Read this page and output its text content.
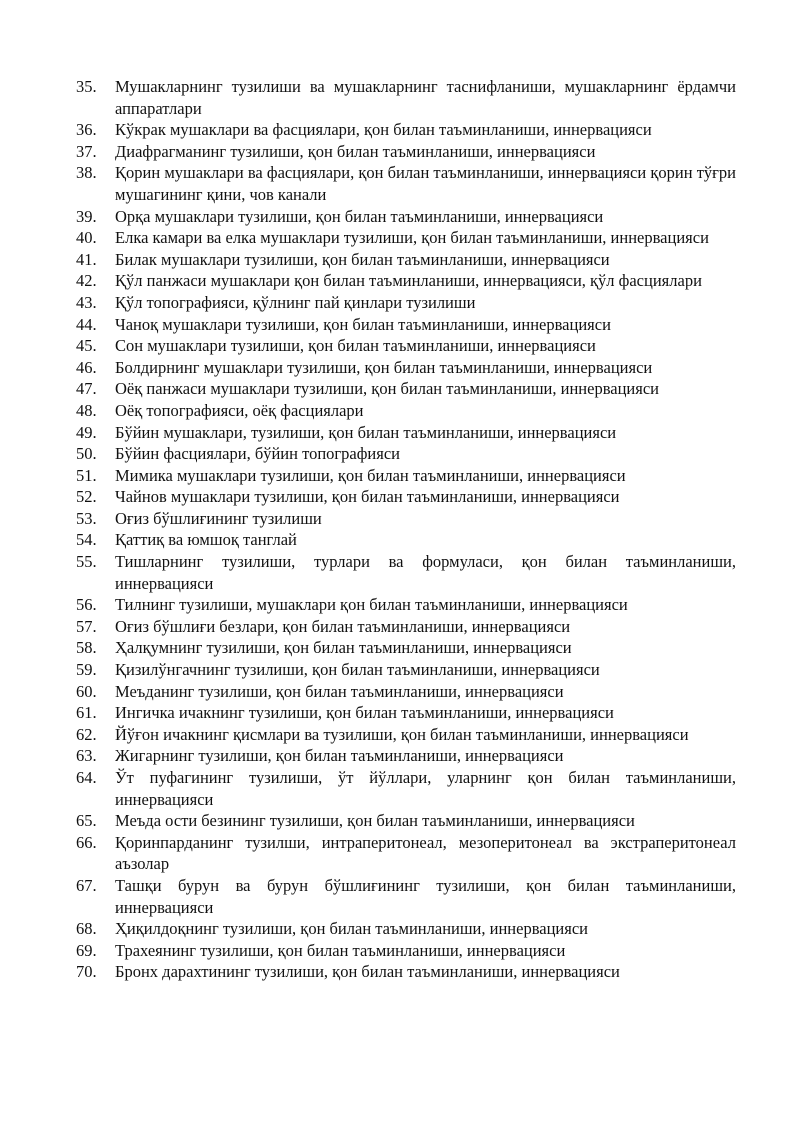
35.	Мушакларнинг тузилиши ва мушакларнинг таснифланиши, мушакларнинг ёрдамчи аппаратлари
36.	Кўкрак мушаклари ва фасциялари, қон билан таъминланиши, иннервацияси
37.	Диафрагманинг тузилиши, қон билан таъминланиши, иннервацияси
38.	Қорин мушаклари ва фасциялари, қон билан таъминланиши, иннервацияси қорин тўғри мушагининг қини, чов канали
39.	Орқа мушаклари тузилиши, қон билан таъминланиши, иннервацияси
40.	Елка камари ва елка мушаклари тузилиши, қон билан таъминланиши, иннервацияси
41.	Билак мушаклари тузилиши, қон билан таъминланиши, иннервацияси
42.	Қўл панжаси мушаклари қон билан таъминланиши, иннервацияси, қўл фасциялари
43.	Қўл топографияси, қўлнинг пай қинлари тузилиши
44.	Чаноқ мушаклари тузилиши, қон билан таъминланиши, иннервацияси
45.	Сон мушаклари тузилиши, қон билан таъминланиши, иннервацияси
46.	Болдирнинг мушаклари тузилиши, қон билан таъминланиши, иннервацияси
47.	Оёқ панжаси мушаклари тузилиши, қон билан таъминланиши, иннервацияси
48.	Оёқ топографияси, оёқ фасциялари
49.	Бўйин мушаклари, тузилиши, қон билан таъминланиши, иннервацияси
50.	Бўйин фасциялари, бўйин топографияси
51.	Мимика мушаклари тузилиши, қон билан таъминланиши, иннервацияси
52.	Чайнов мушаклари тузилиши, қон билан таъминланиши, иннервацияси
53.	Оғиз бўшлиғининг тузилиши
54.	Қаттиқ ва юмшоқ танглай
55.	Тишларнинг тузилиши, турлари ва формуласи, қон билан таъминланиши, иннервацияси
56.	Тилнинг тузилиши, мушаклари қон билан таъминланиши, иннервацияси
57.	Оғиз бўшлиғи безлари, қон билан таъминланиши, иннервацияси
58.	Ҳалқумнинг тузилиши, қон билан таъминланиши, иннервацияси
59.	Қизилўнгачнинг тузилиши, қон билан таъминланиши, иннервацияси
60.	Меъданинг тузилиши, қон билан таъминланиши, иннервацияси
61.	Ингичка ичакнинг тузилиши, қон билан таъминланиши, иннервацияси
62.	Йўғон ичакнинг қисмлари ва тузилиши, қон билан таъминланиши, иннервацияси
63.	Жигарнинг тузилиши, қон билан таъминланиши, иннервацияси
64.	Ўт пуфагининг тузилиши, ўт йўллари, уларнинг қон билан таъминланиши, иннервацияси
65.	Меъда ости безининг тузилиши, қон билан таъминланиши, иннервацияси
66.	Қоринпарданинг тузилши, интраперитонеал, мезоперитонеал ва экстраперитонеал аъзолар
67.	Ташқи бурун ва бурун бўшлиғининг тузилиши, қон билан таъминланиши, иннервацияси
68.	Ҳиқилдоқнинг тузилиши, қон билан таъминланиши, иннервацияси
69.	Трахеянинг тузилиши, қон билан таъминланиши, иннервацияси
70.	Бронх дарахтининг тузилиши, қон билан таъминланиши, иннервацияси
